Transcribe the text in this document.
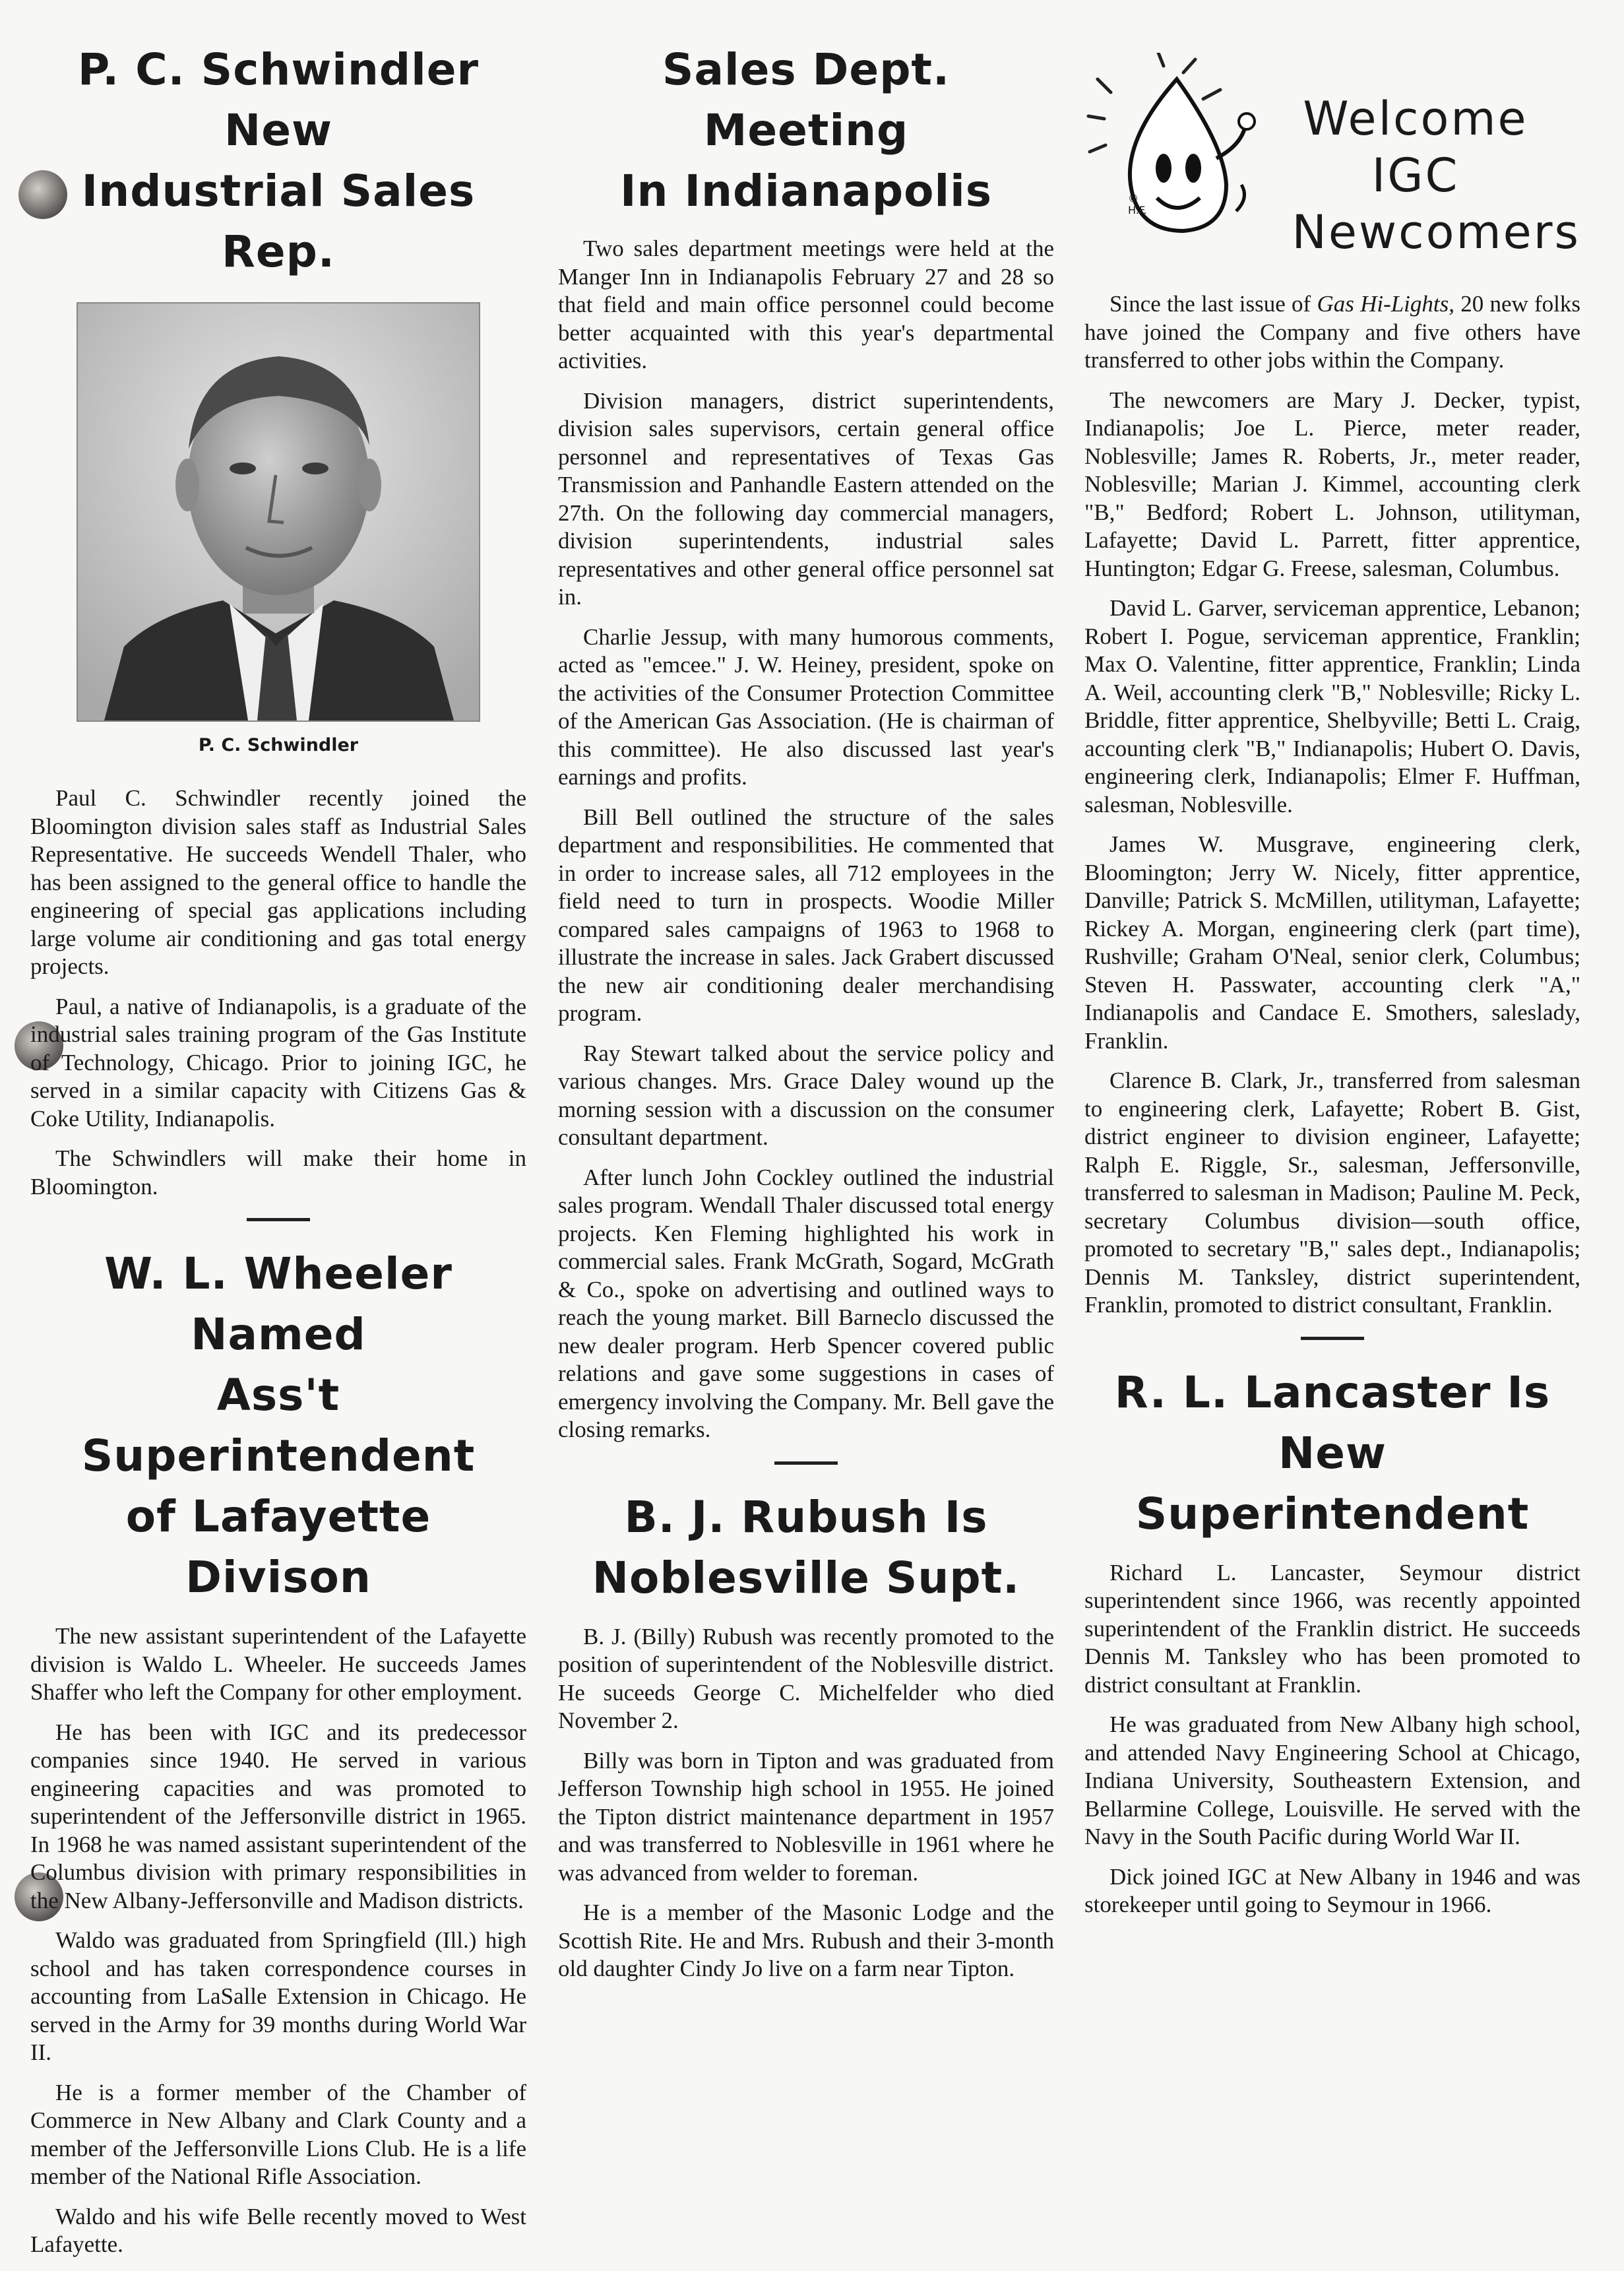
P. C. Schwindler New
Industrial Sales Rep.
P. C. Schwindler

Paul C. Schwindler recently joined the Bloomington division sales staff as Industrial Sales Representative. He succeeds Wendell Thaler, who has been assigned to the general office to handle the engineering of special gas applications including large volume air conditioning and gas total energy projects.

Paul, a native of Indianapolis, is a graduate of the industrial sales training program of the Gas Institute of Technology, Chicago. Prior to joining IGC, he served in a similar capacity with Citizens Gas & Coke Utility, Indianapolis.

The Schwindlers will make their home in Bloomington.

W. L. Wheeler Named
Ass't Superintendent
of Lafayette Divison

The new assistant superintendent of the Lafayette division is Waldo L. Wheeler. He succeeds James Shaffer who left the Company for other employment.

He has been with IGC and its predecessor companies since 1940. He served in various engineering capacities and was promoted to superintendent of the Jeffersonville district in 1965. In 1968 he was named assistant superintendent of the Columbus division with primary responsibilities in the New Albany-Jeffersonville and Madison districts.

Waldo was graduated from Springfield (Ill.) high school and has taken correspondence courses in accounting from LaSalle Extension in Chicago. He served in the Army for 39 months during World War II.

He is a former member of the Chamber of Commerce in New Albany and Clark County and a member of the Jeffersonville Lions Club. He is a life member of the National Rifle Association.

Waldo and his wife Belle recently moved to West Lafayette.

Sales Dept. Meeting
In Indianapolis

Two sales department meetings were held at the Manger Inn in Indianapolis February 27 and 28 so that field and main office personnel could become better acquainted with this year's departmental activities.

Division managers, district superintendents, division sales supervisors, certain general office personnel and representatives of Texas Gas Transmission and Panhandle Eastern attended on the 27th. On the following day commercial managers, division superintendents, industrial sales representatives and other general office personnel sat in.

Charlie Jessup, with many humorous comments, acted as "emcee." J. W. Heiney, president, spoke on the activities of the Consumer Protection Committee of the American Gas Association. (He is chairman of this committee). He also discussed last year's earnings and profits.

Bill Bell outlined the structure of the sales department and responsibilities. He commented that in order to increase sales, all 712 employees in the field need to turn in prospects. Woodie Miller compared sales campaigns of 1963 to 1968 to illustrate the increase in sales. Jack Grabert discussed the new air conditioning dealer merchandising program.

Ray Stewart talked about the service policy and various changes. Mrs. Grace Daley wound up the morning session with a discussion on the consumer consultant department.

After lunch John Cockley outlined the industrial sales program. Wendall Thaler discussed total energy projects. Ken Fleming highlighted his work in commercial sales. Frank McGrath, Sogard, McGrath & Co., spoke on advertising and outlined ways to reach the young market. Bill Barneclo discussed the new dealer program. Herb Spencer covered public relations and gave some suggestions in cases of emergency involving the Company. Mr. Bell gave the closing remarks.

B. J. Rubush Is
Noblesville Supt.

B. J. (Billy) Rubush was recently promoted to the position of superintendent of the Noblesville district. He suceeds George C. Michelfelder who died November 2.

Billy was born in Tipton and was graduated from Jefferson Township high school in 1955. He joined the Tipton district maintenance department in 1957 and was transferred to Noblesville in 1961 where he was advanced from welder to foreman.

He is a member of the Masonic Lodge and the Scottish Rite. He and Mrs. Rubush and their 3-month old daughter Cindy Jo live on a farm near Tipton.

© H.F.
Welcome
IGC
Newcomers

Since the last issue of Gas Hi-Lights, 20 new folks have joined the Company and five others have transferred to other jobs within the Company.

The newcomers are Mary J. Decker, typist, Indianapolis; Joe L. Pierce, meter reader, Noblesville; James R. Roberts, Jr., meter reader, Noblesville; Marian J. Kimmel, accounting clerk "B," Bedford; Robert L. Johnson, utilityman, Lafayette; David L. Parrett, fitter apprentice, Huntington; Edgar G. Freese, salesman, Columbus.

David L. Garver, serviceman apprentice, Lebanon; Robert I. Pogue, serviceman apprentice, Franklin; Max O. Valentine, fitter apprentice, Franklin; Linda A. Weil, accounting clerk "B," Noblesville; Ricky L. Briddle, fitter apprentice, Shelbyville; Betti L. Craig, accounting clerk "B," Indianapolis; Hubert O. Davis, engineering clerk, Indianapolis; Elmer F. Huffman, salesman, Noblesville.

James W. Musgrave, engineering clerk, Bloomington; Jerry W. Nicely, fitter apprentice, Danville; Patrick S. McMillen, utilityman, Lafayette; Rickey A. Morgan, engineering clerk (part time), Rushville; Graham O'Neal, senior clerk, Columbus; Steven H. Passwater, accounting clerk "A," Indianapolis and Candace E. Smothers, saleslady, Franklin.

Clarence B. Clark, Jr., transferred from salesman to engineering clerk, Lafayette; Robert B. Gist, district engineer to division engineer, Lafayette; Ralph E. Riggle, Sr., salesman, Jeffersonville, transferred to salesman in Madison; Pauline M. Peck, secretary Columbus division—south office, promoted to secretary "B," sales dept., Indianapolis; Dennis M. Tanksley, district superintendent, Franklin, promoted to district consultant, Franklin.

R. L. Lancaster Is
New Superintendent

Richard L. Lancaster, Seymour district superintendent since 1966, was recently appointed superintendent of the Franklin district. He succeeds Dennis M. Tanksley who has been promoted to district consultant at Franklin.

He was graduated from New Albany high school, and attended Navy Engineering School at Chicago, Indiana University, Southeastern Extension, and Bellarmine College, Louisville. He served with the Navy in the South Pacific during World War II.

Dick joined IGC at New Albany in 1946 and was storekeeper until going to Seymour in 1966.
